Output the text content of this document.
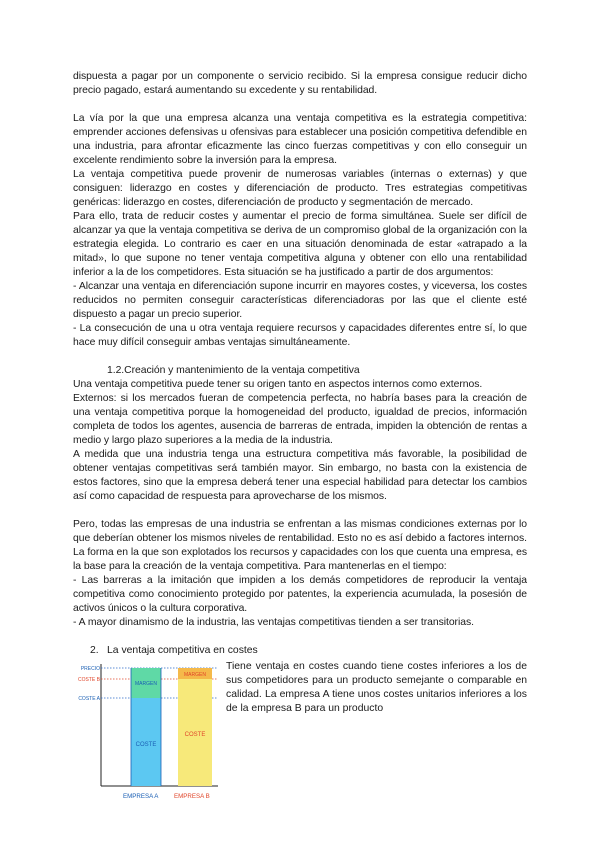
dispuesta a pagar por un componente o servicio recibido. Si la empresa consigue reducir dicho precio pagado, estará aumentando su excedente y su rentabilidad.

La vía por la que una empresa alcanza una ventaja competitiva es la estrategia competitiva: emprender acciones defensivas u ofensivas para establecer una posición competitiva defendible en una industria, para afrontar eficazmente las cinco fuerzas competitivas y con ello conseguir un excelente rendimiento sobre la inversión para la empresa.

La ventaja competitiva puede provenir de numerosas variables (internas o externas) y que consiguen: liderazgo en costes y diferenciación de producto. Tres estrategias competitivas genéricas: liderazgo en costes, diferenciación de producto y segmentación de mercado.

Para ello, trata de reducir costes y aumentar el precio de forma simultánea. Suele ser difícil de alcanzar ya que la ventaja competitiva se deriva de un compromiso global de la organización con la estrategia elegida. Lo contrario es caer en una situación denominada de estar «atrapado a la mitad», lo que supone no tener ventaja competitiva alguna y obtener con ello una rentabilidad inferior a la de los competidores. Esta situación se ha justificado a partir de dos argumentos:

- Alcanzar una ventaja en diferenciación supone incurrir en mayores costes, y viceversa, los costes reducidos no permiten conseguir características diferenciadoras por las que el cliente esté dispuesto a pagar un precio superior.

- La consecución de una u otra ventaja requiere recursos y capacidades diferentes entre sí, lo que hace muy difícil conseguir ambas ventajas simultáneamente.

1.2.Creación y mantenimiento de la ventaja competitiva

Una ventaja competitiva puede tener su origen tanto en aspectos internos como externos.

Externos: si los mercados fueran de competencia perfecta, no habría bases para la creación de una ventaja competitiva porque la homogeneidad del producto, igualdad de precios, información completa de todos los agentes, ausencia de barreras de entrada, impiden la obtención de rentas a medio y largo plazo superiores a la media de la industria.

A medida que una industria tenga una estructura competitiva más favorable, la posibilidad de obtener ventajas competitivas será también mayor. Sin embargo, no basta con la existencia de estos factores, sino que la empresa deberá tener una especial habilidad para detectar los cambios así como capacidad de respuesta para aprovecharse de los mismos.

Pero, todas las empresas de una industria se enfrentan a las mismas condiciones externas por lo que deberían obtener los mismos niveles de rentabilidad. Esto no es así debido a factores internos. La forma en la que son explotados los recursos y capacidades con los que cuenta una empresa, es la base para la creación de la ventaja competitiva. Para mantenerlas en el tiempo:

- Las barreras a la imitación que impiden a los demás competidores de reproducir la ventaja competitiva como conocimiento protegido por patentes, la experiencia acumulada, la posesión de activos únicos o la cultura corporativa.

- A mayor dinamismo de la industria, las ventajas competitivas tienden a ser transitorias.

2. La ventaja competitiva en costes
PRECIO
COSTE B
COSTE A
MARGEN
COSTE
MARGEN
COSTE
EMPRESA A	EMPRESA B

Tiene ventaja en costes cuando tiene costes inferiores a los de sus competidores para un producto semejante o comparable en calidad. La empresa A tiene unos costes unitarios inferiores a los de la empresa B para un producto
